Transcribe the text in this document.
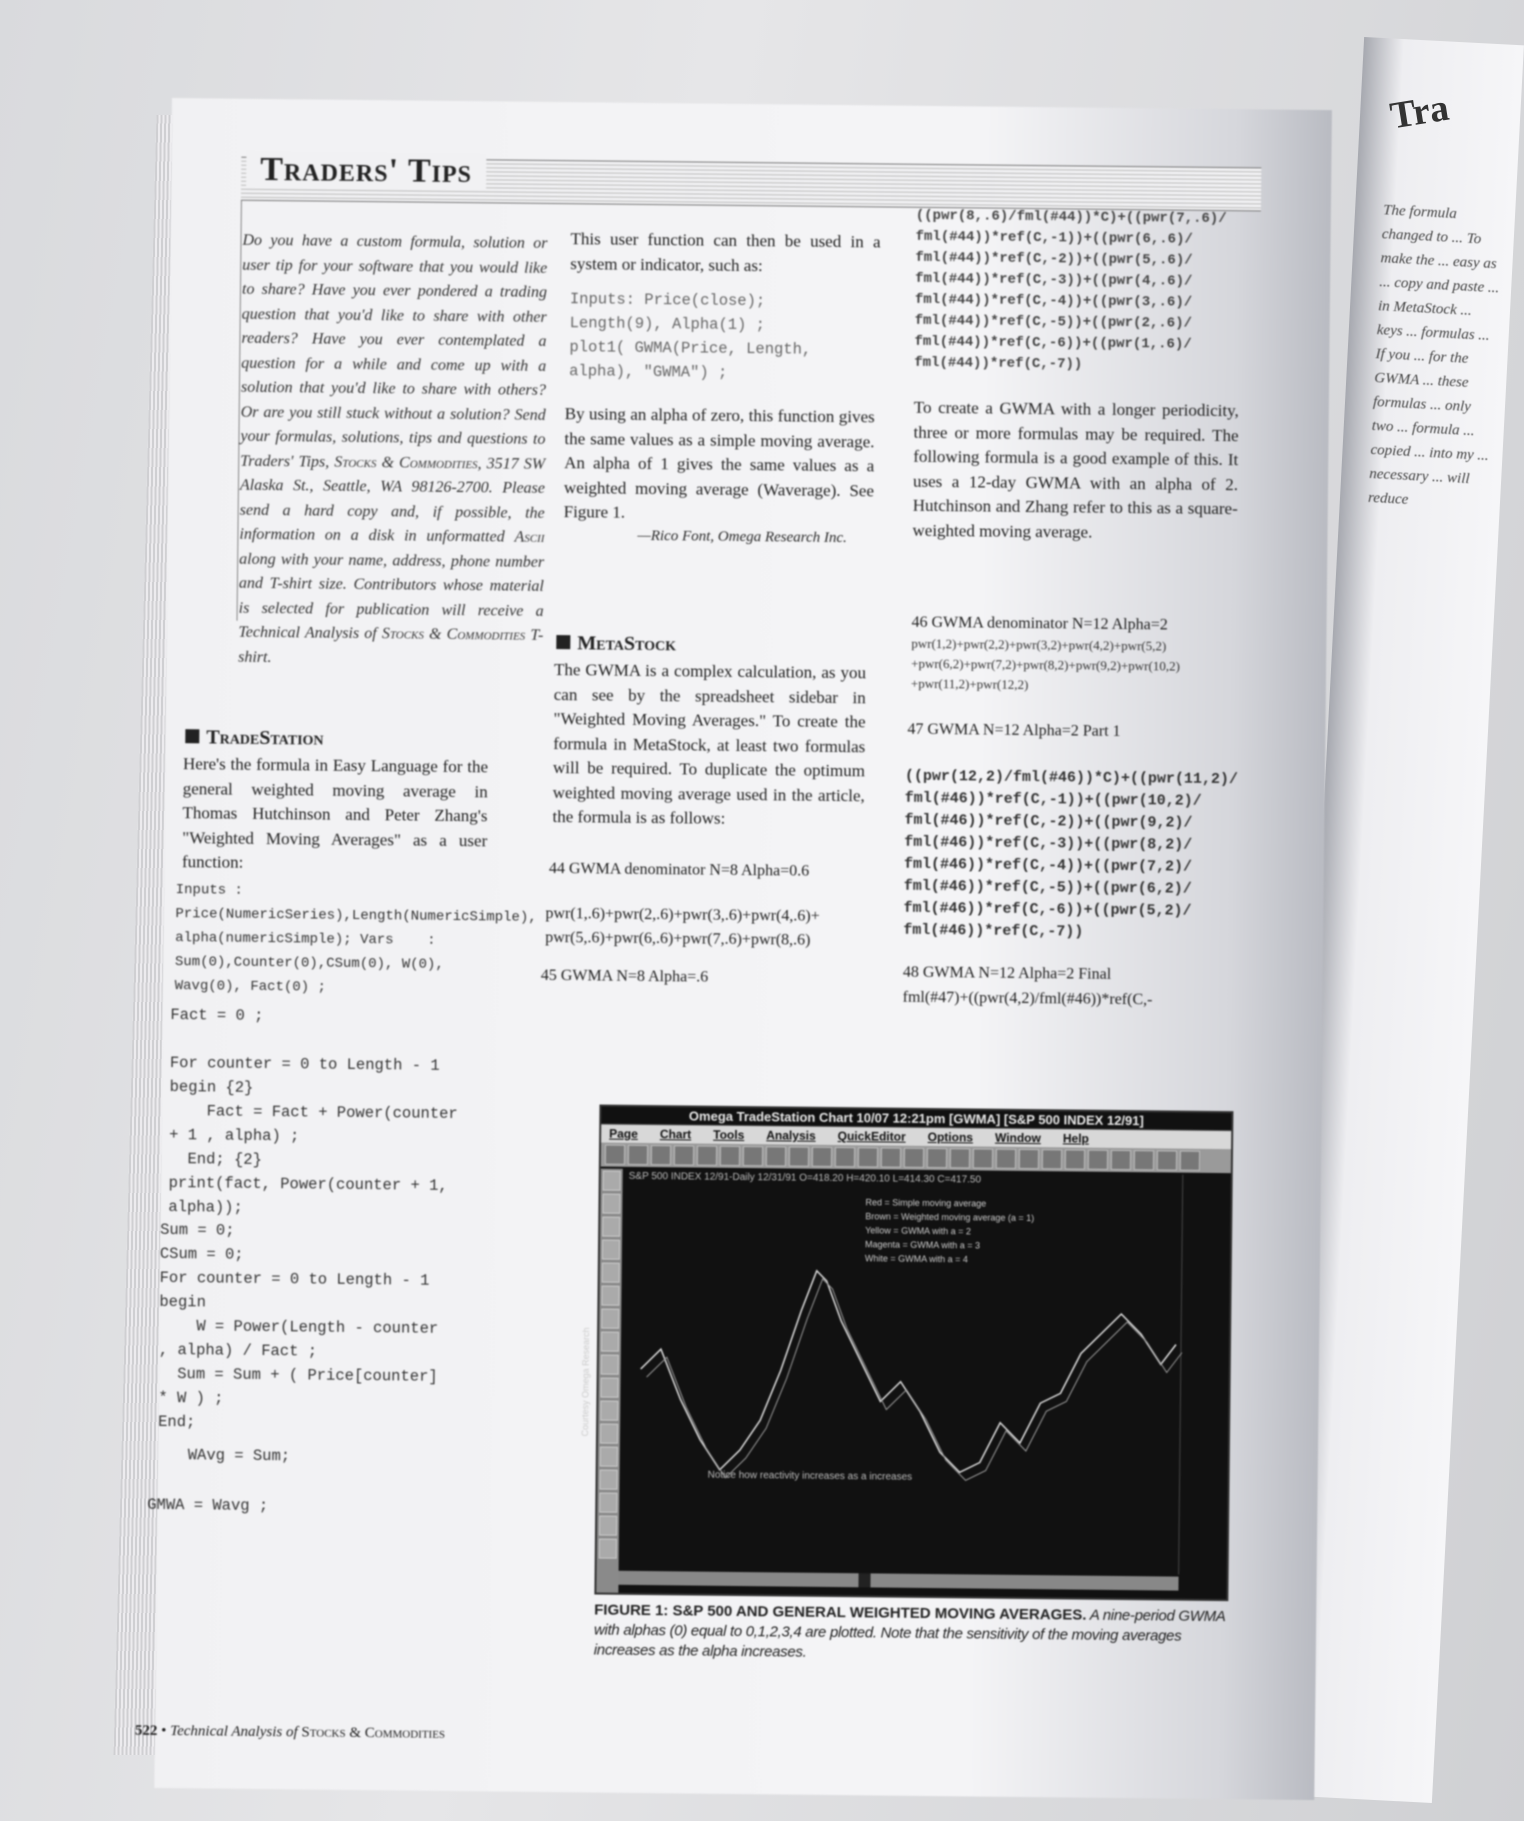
Tra
The formula changed to ... To make the ... easy as ... copy and paste ... in MetaStock ... keys ... formulas ... If you ... for the GWMA ... these formulas ... only two ... formula ... copied ... into my ... necessary ... will reduce
Traders' Tips
Do you have a custom formula, solution or user tip for your software that you would like to share? Have you ever pondered a trading question that you'd like to share with other readers? Have you ever contemplated a question for a while and come up with a solution that you'd like to share with others? Or are you still stuck without a solution? Send your formulas, solutions, tips and questions to Traders' Tips, Stocks & Commodities, 3517 SW Alaska St., Seattle, WA 98126-2700. Please send a hard copy and, if possible, the information on a disk in unformatted Ascii along with your name, address, phone number and T-shirt size. Contributors whose material is selected for publication will receive a Technical Analysis of Stocks & Commodities T-shirt.
TradeStation

Here's the formula in Easy Language for the general weighted moving average in Thomas Hutchinson and Peter Zhang's "Weighted Moving Averages" as a user function:

Inputs :
Price(NumericSeries),Length(NumericSimple),
alpha(numericSimple); Vars    :
Sum(0),Counter(0),CSum(0), W(0),
Wavg(0), Fact(0) ;
Fact = 0 ;
For counter = 0 to Length - 1
begin {2}
Fact = Fact + Power(counter
+ 1 , alpha) ;
End; {2}
print(fact, Power(counter + 1,
alpha));
Sum = 0;
CSum = 0;
For counter = 0 to Length - 1
begin
W = Power(Length - counter
, alpha) / Fact ;
Sum = Sum + ( Price[counter]
* W ) ;
End;
WAvg = Sum;
GMWA = Wavg ;

This user function can then be used in a system or indicator, such as:

Inputs: Price(close);
Length(9), Alpha(1) ;
plot1( GWMA(Price, Length,
alpha), "GWMA") ;

By using an alpha of zero, this function gives the same values as a simple moving average. An alpha of 1 gives the same values as a weighted moving average (Waverage). See Figure 1.

—Rico Font, Omega Research Inc.

MetaStock

The GWMA is a complex calculation, as you can see by the spreadsheet sidebar in "Weighted Moving Averages." To create the formula in MetaStock, at least two formulas will be required. To duplicate the optimum weighted moving average used in the article, the formula is as follows:

44 GWMA denominator N=8 Alpha=0.6

pwr(1,.6)+pwr(2,.6)+pwr(3,.6)+pwr(4,.6)+
pwr(5,.6)+pwr(6,.6)+pwr(7,.6)+pwr(8,.6)

45 GWMA N=8 Alpha=.6

((pwr(8,.6)/fml(#44))*C)+((pwr(7,.6)/
fml(#44))*ref(C,-1))+((pwr(6,.6)/
fml(#44))*ref(C,-2))+((pwr(5,.6)/
fml(#44))*ref(C,-3))+((pwr(4,.6)/
fml(#44))*ref(C,-4))+((pwr(3,.6)/
fml(#44))*ref(C,-5))+((pwr(2,.6)/
fml(#44))*ref(C,-6))+((pwr(1,.6)/
fml(#44))*ref(C,-7))

To create a GWMA with a longer periodicity, three or more formulas may be required. The following formula is a good example of this. It uses a 12-day GWMA with an alpha of 2. Hutchinson and Zhang refer to this as a square-weighted moving average.

46 GWMA denominator N=12 Alpha=2

pwr(1,2)+pwr(2,2)+pwr(3,2)+pwr(4,2)+pwr(5,2)
+pwr(6,2)+pwr(7,2)+pwr(8,2)+pwr(9,2)+pwr(10,2)
+pwr(11,2)+pwr(12,2)

47 GWMA N=12 Alpha=2 Part 1

((pwr(12,2)/fml(#46))*C)+((pwr(11,2)/
fml(#46))*ref(C,-1))+((pwr(10,2)/
fml(#46))*ref(C,-2))+((pwr(9,2)/
fml(#46))*ref(C,-3))+((pwr(8,2)/
fml(#46))*ref(C,-4))+((pwr(7,2)/
fml(#46))*ref(C,-5))+((pwr(6,2)/
fml(#46))*ref(C,-6))+((pwr(5,2)/
fml(#46))*ref(C,-7))

48 GWMA N=12 Alpha=2 Final

fml(#47)+((pwr(4,2)/fml(#46))*ref(C,-

Omega TradeStation Chart 10/07 12:21pm [GWMA] [S&P 500 INDEX 12/91]
Page Chart Tools Analysis QuickEditor Options Window Help
S&P 500 INDEX 12/91-Daily 12/31/91 O=418.20 H=420.10 L=414.30 C=417.50
Red = Simple moving average
Brown = Weighted moving average (a = 1)
Yellow = GWMA with a = 2
Magenta = GWMA with a = 3
White = GWMA with a = 4
Notice how reactivity increases as a increases
Courtesy Omega Research
FIGURE 1: S&P 500 AND GENERAL WEIGHTED MOVING AVERAGES. A nine-period GWMA with alphas (0) equal to 0,1,2,3,4 are plotted. Note that the sensitivity of the moving averages increases as the alpha increases.
522 • Technical Analysis of Stocks & Commodities
